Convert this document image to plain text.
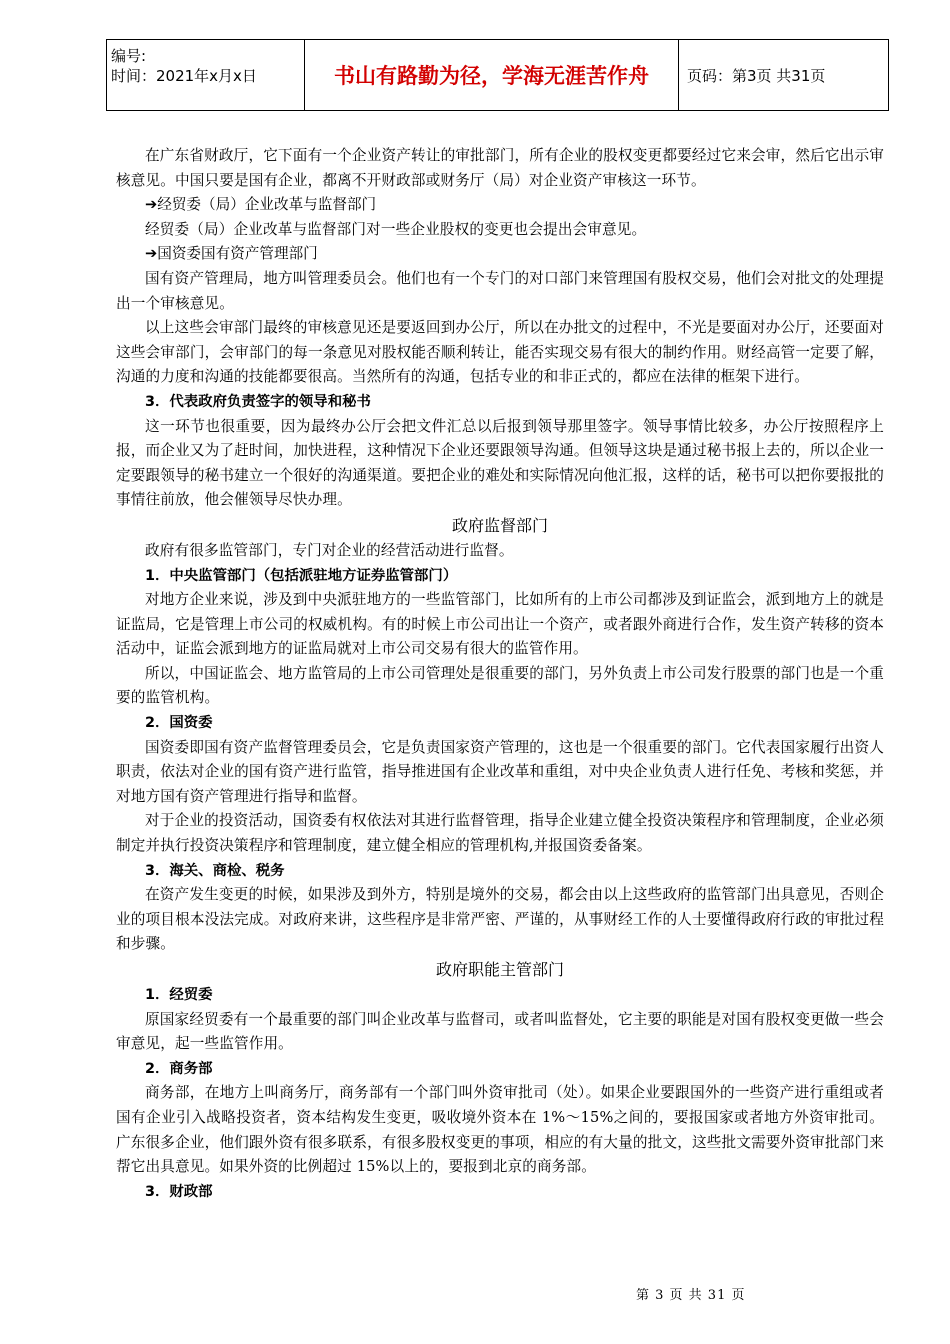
编号:
时间：2021年x月x日	书山有路勤为径，学海无涯苦作舟	页码：第3页 共31页

在广东省财政厅，它下面有一个企业资产转让的审批部门，所有企业的股权变更都要经过它来会审，然后它出示审核意见。中国只要是国有企业，都离不开财政部或财务厅（局）对企业资产审核这一环节。

➔经贸委（局）企业改革与监督部门

经贸委（局）企业改革与监督部门对一些企业股权的变更也会提出会审意见。

➔国资委国有资产管理部门

国有资产管理局，地方叫管理委员会。他们也有一个专门的对口部门来管理国有股权交易，他们会对批文的处理提出一个审核意见。

以上这些会审部门最终的审核意见还是要返回到办公厅，所以在办批文的过程中，不光是要面对办公厅，还要面对这些会审部门，会审部门的每一条意见对股权能否顺利转让，能否实现交易有很大的制约作用。财经高管一定要了解，沟通的力度和沟通的技能都要很高。当然所有的沟通，包括专业的和非正式的，都应在法律的框架下进行。

3．代表政府负责签字的领导和秘书

这一环节也很重要，因为最终办公厅会把文件汇总以后报到领导那里签字。领导事情比较多，办公厅按照程序上报，而企业又为了赶时间，加快进程，这种情况下企业还要跟领导沟通。但领导这块是通过秘书报上去的，所以企业一定要跟领导的秘书建立一个很好的沟通渠道。要把企业的难处和实际情况向他汇报，这样的话，秘书可以把你要报批的事情往前放，他会催领导尽快办理。

政府监督部门

政府有很多监管部门，专门对企业的经营活动进行监督。

1．中央监管部门（包括派驻地方证券监管部门）

对地方企业来说，涉及到中央派驻地方的一些监管部门，比如所有的上市公司都涉及到证监会，派到地方上的就是证监局，它是管理上市公司的权威机构。有的时候上市公司出让一个资产，或者跟外商进行合作，发生资产转移的资本活动中，证监会派到地方的证监局就对上市公司交易有很大的监管作用。

所以，中国证监会、地方监管局的上市公司管理处是很重要的部门，另外负责上市公司发行股票的部门也是一个重要的监管机构。

2．国资委

国资委即国有资产监督管理委员会，它是负责国家资产管理的，这也是一个很重要的部门。它代表国家履行出资人职责，依法对企业的国有资产进行监管，指导推进国有企业改革和重组，对中央企业负责人进行任免、考核和奖惩，并对地方国有资产管理进行指导和监督。

对于企业的投资活动，国资委有权依法对其进行监督管理，指导企业建立健全投资决策程序和管理制度，企业必须制定并执行投资决策程序和管理制度，建立健全相应的管理机构,并报国资委备案。

3．海关、商检、税务

在资产发生变更的时候，如果涉及到外方，特别是境外的交易，都会由以上这些政府的监管部门出具意见，否则企业的项目根本没法完成。对政府来讲，这些程序是非常严密、严谨的，从事财经工作的人士要懂得政府行政的审批过程和步骤。

政府职能主管部门

1．经贸委

原国家经贸委有一个最重要的部门叫企业改革与监督司，或者叫监督处，它主要的职能是对国有股权变更做一些会审意见，起一些监管作用。

2．商务部

商务部，在地方上叫商务厅，商务部有一个部门叫外资审批司（处）。如果企业要跟国外的一些资产进行重组或者国有企业引入战略投资者，资本结构发生变更，吸收境外资本在 1%～15%之间的，要报国家或者地方外资审批司。广东很多企业，他们跟外资有很多联系，有很多股权变更的事项，相应的有大量的批文，这些批文需要外资审批部门来帮它出具意见。如果外资的比例超过 15%以上的，要报到北京的商务部。

3．财政部

第 3 页 共 31 页
